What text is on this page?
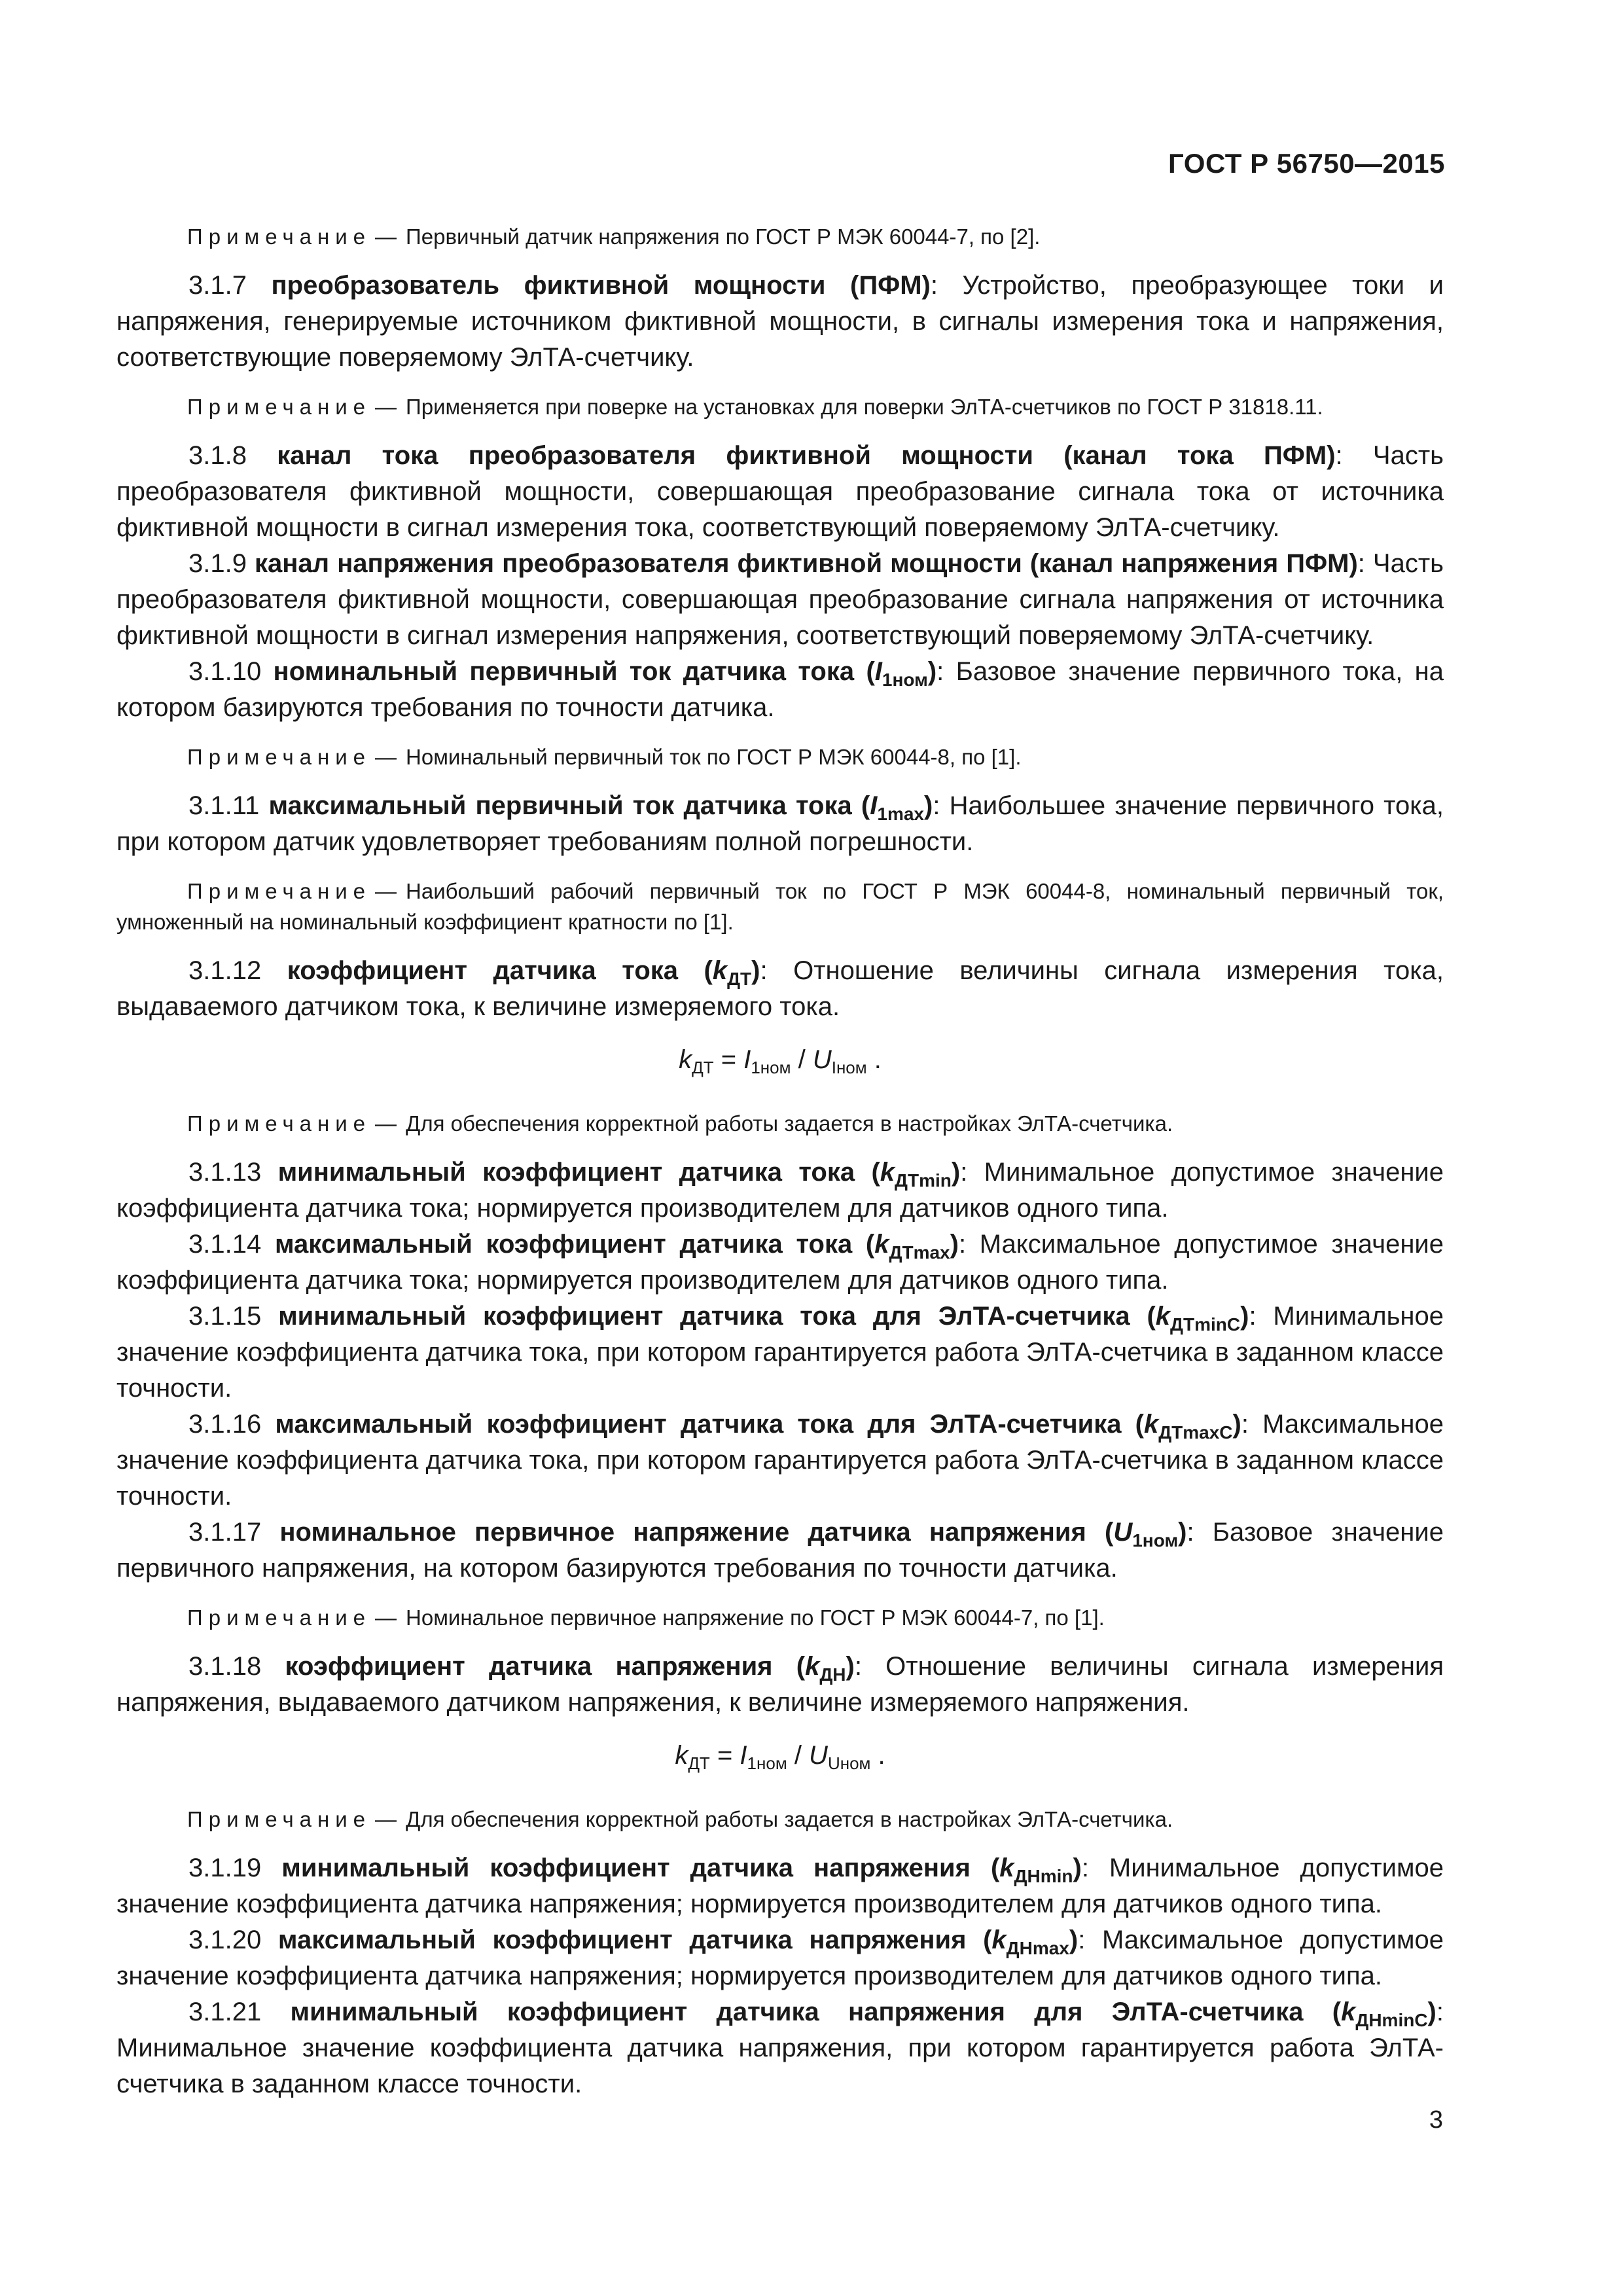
ГОСТ Р 56750—2015

Примечание — Первичный датчик напряжения по ГОСТ Р МЭК 60044-7, по [2].

3.1.7 преобразователь фиктивной мощности (ПФМ): Устройство, преобразующее токи и напряжения, генерируемые источником фиктивной мощности, в сигналы измерения тока и напряжения, соответствующие поверяемому ЭлТА-счетчику.

Примечание — Применяется при поверке на установках для поверки ЭлТА-счетчиков по ГОСТ Р 31818.11.

3.1.8 канал тока преобразователя фиктивной мощности (канал тока ПФМ): Часть преобразователя фиктивной мощности, совершающая преобразование сигнала тока от источника фиктивной мощности в сигнал измерения тока, соответствующий поверяемому ЭлТА-счетчику.

3.1.9 канал напряжения преобразователя фиктивной мощности (канал напряжения ПФМ): Часть преобразователя фиктивной мощности, совершающая преобразование сигнала напряжения от источника фиктивной мощности в сигнал измерения напряжения, соответствующий поверяемому ЭлТА-счетчику.

3.1.10 номинальный первичный ток датчика тока $(I_{1ном})$: Базовое значение первичного тока, на котором базируются требования по точности датчика.

Примечание — Номинальный первичный ток по ГОСТ Р МЭК 60044-8, по [1].

3.1.11 максимальный первичный ток датчика тока $(I_{1max})$: Наибольшее значение первичного тока, при котором датчик удовлетворяет требованиям полной погрешности.

Примечание — Наибольший рабочий первичный ток по ГОСТ Р МЭК 60044-8, номинальный первичный ток, умноженный на номинальный коэффициент кратности по [1].

3.1.12 коэффициент датчика тока $(k_{ДТ})$: Отношение величины сигнала измерения тока, выдаваемого датчиком тока, к величине измеряемого тока.

$k_{ДТ} = I_{1ном} / U_{Iном}$ .

Примечание — Для обеспечения корректной работы задается в настройках ЭлТА-счетчика.

3.1.13 минимальный коэффициент датчика тока $(k_{ДТmin})$: Минимальное допустимое значение коэффициента датчика тока; нормируется производителем для датчиков одного типа.

3.1.14 максимальный коэффициент датчика тока $(k_{ДТmax})$: Максимальное допустимое значение коэффициента датчика тока; нормируется производителем для датчиков одного типа.

3.1.15 минимальный коэффициент датчика тока для ЭлТА-счетчика $(k_{ДТminC})$: Минимальное значение коэффициента датчика тока, при котором гарантируется работа ЭлТА-счетчика в заданном классе точности.

3.1.16 максимальный коэффициент датчика тока для ЭлТА-счетчика $(k_{ДТmaxC})$: Максимальное значение коэффициента датчика тока, при котором гарантируется работа ЭлТА-счетчика в заданном классе точности.

3.1.17 номинальное первичное напряжение датчика напряжения $(U_{1ном})$: Базовое значение первичного напряжения, на котором базируются требования по точности датчика.

Примечание — Номинальное первичное напряжение по ГОСТ Р МЭК 60044-7, по [1].

3.1.18 коэффициент датчика напряжения $(k_{ДН})$: Отношение величины сигнала измерения напряжения, выдаваемого датчиком напряжения, к величине измеряемого напряжения.

$k_{ДТ} = I_{1ном} / U_{Uном}$ .

Примечание — Для обеспечения корректной работы задается в настройках ЭлТА-счетчика.

3.1.19 минимальный коэффициент датчика напряжения $(k_{ДНmin})$: Минимальное допустимое значение коэффициента датчика напряжения; нормируется производителем для датчиков одного типа.

3.1.20 максимальный коэффициент датчика напряжения $(k_{ДНmax})$: Максимальное допустимое значение коэффициента датчика напряжения; нормируется производителем для датчиков одного типа.

3.1.21 минимальный коэффициент датчика напряжения для ЭлТА-счетчика $(k_{ДНminC})$: Минимальное значение коэффициента датчика напряжения, при котором гарантируется работа ЭлТА-счетчика в заданном классе точности.

3
